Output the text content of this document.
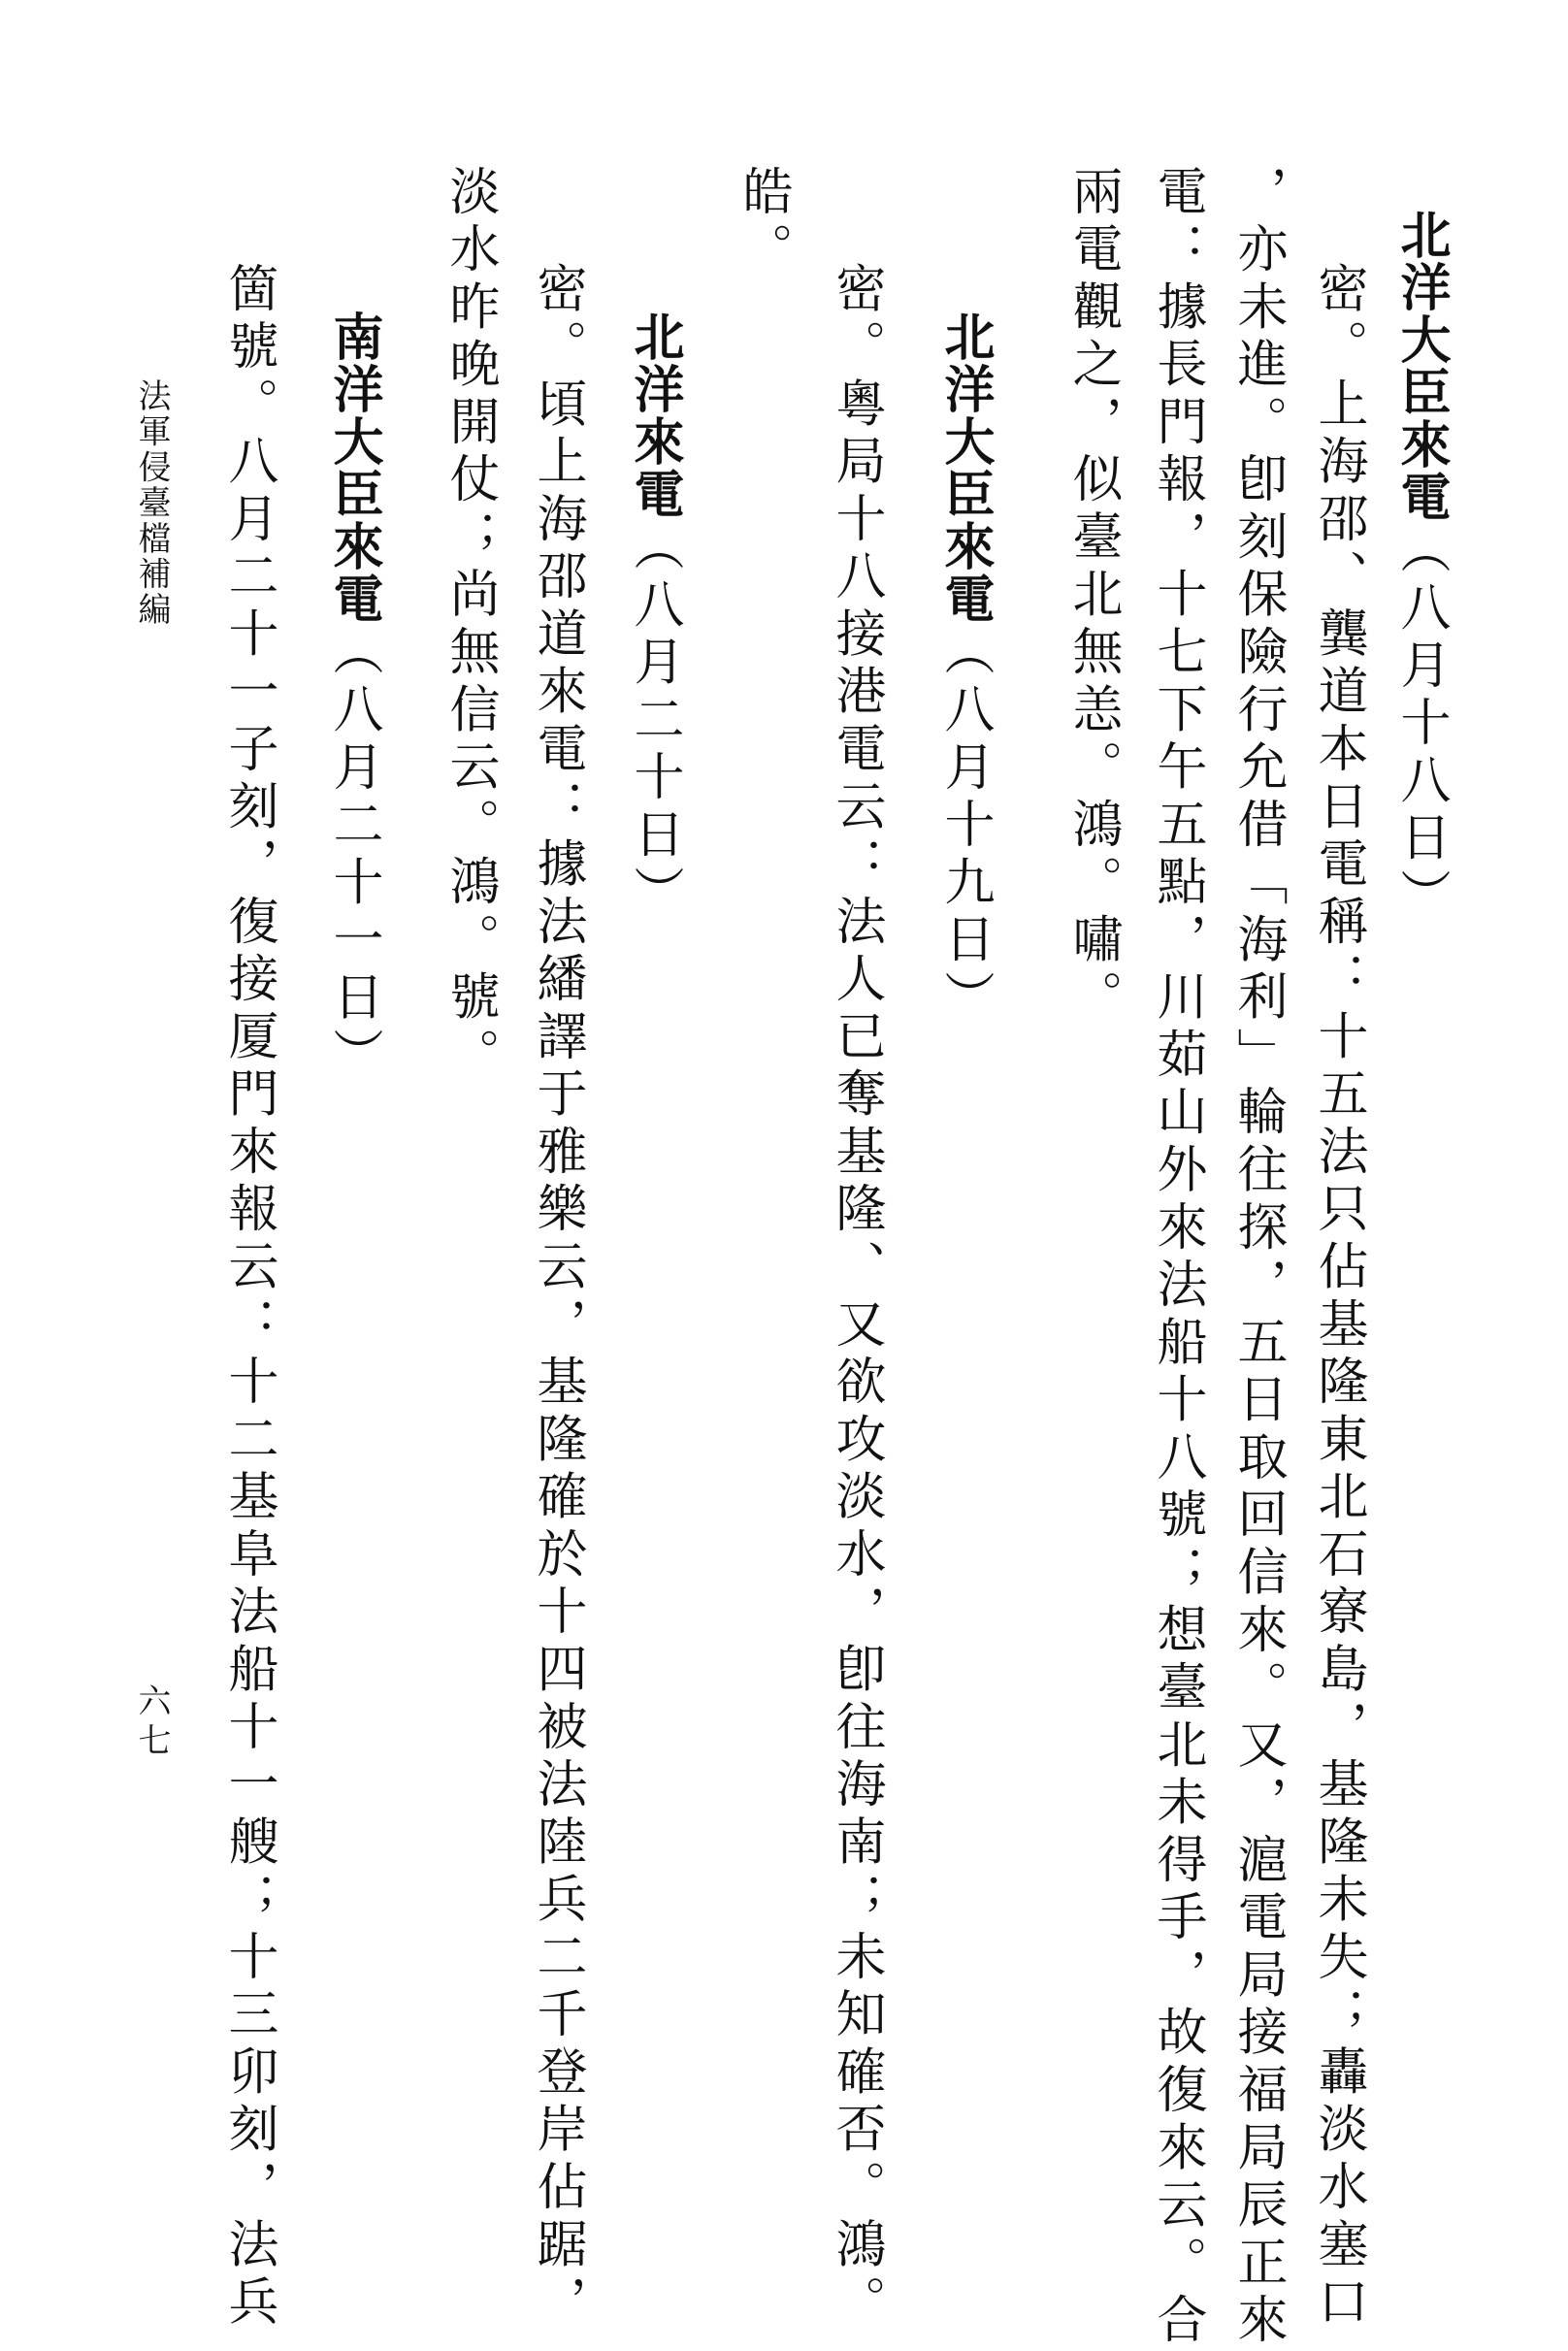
北洋大臣來電（八月十八日）
密。上海邵、龔道本日電稱：十五法只佔基隆東北石寮島，基隆未失；轟淡水塞口
，亦未進。卽刻保險行允借「海利」輪往探，五日取回信來。又，滬電局接福局辰正來
電：據長門報，十七下午五點，川茹山外來法船十八號；想臺北未得手，故復來云。合
兩電觀之，似臺北無恙。鴻。嘯。
北洋大臣來電（八月十九日）
密。粵局十八接港電云：法人已奪基隆、又欲攻淡水，卽往海南；未知確否。鴻。
皓。
北洋來電（八月二十日）
密。頃上海邵道來電：據法繙譯于雅樂云，基隆確於十四被法陸兵二千登岸佔踞，
淡水昨晚開仗；尚無信云。鴻。號。
南洋大臣來電（八月二十一日）
箇號。八月二十一子刻，復接厦門來報云：十二基阜法船十一艘；十三卯刻，法兵
法軍侵臺檔補編
六七
